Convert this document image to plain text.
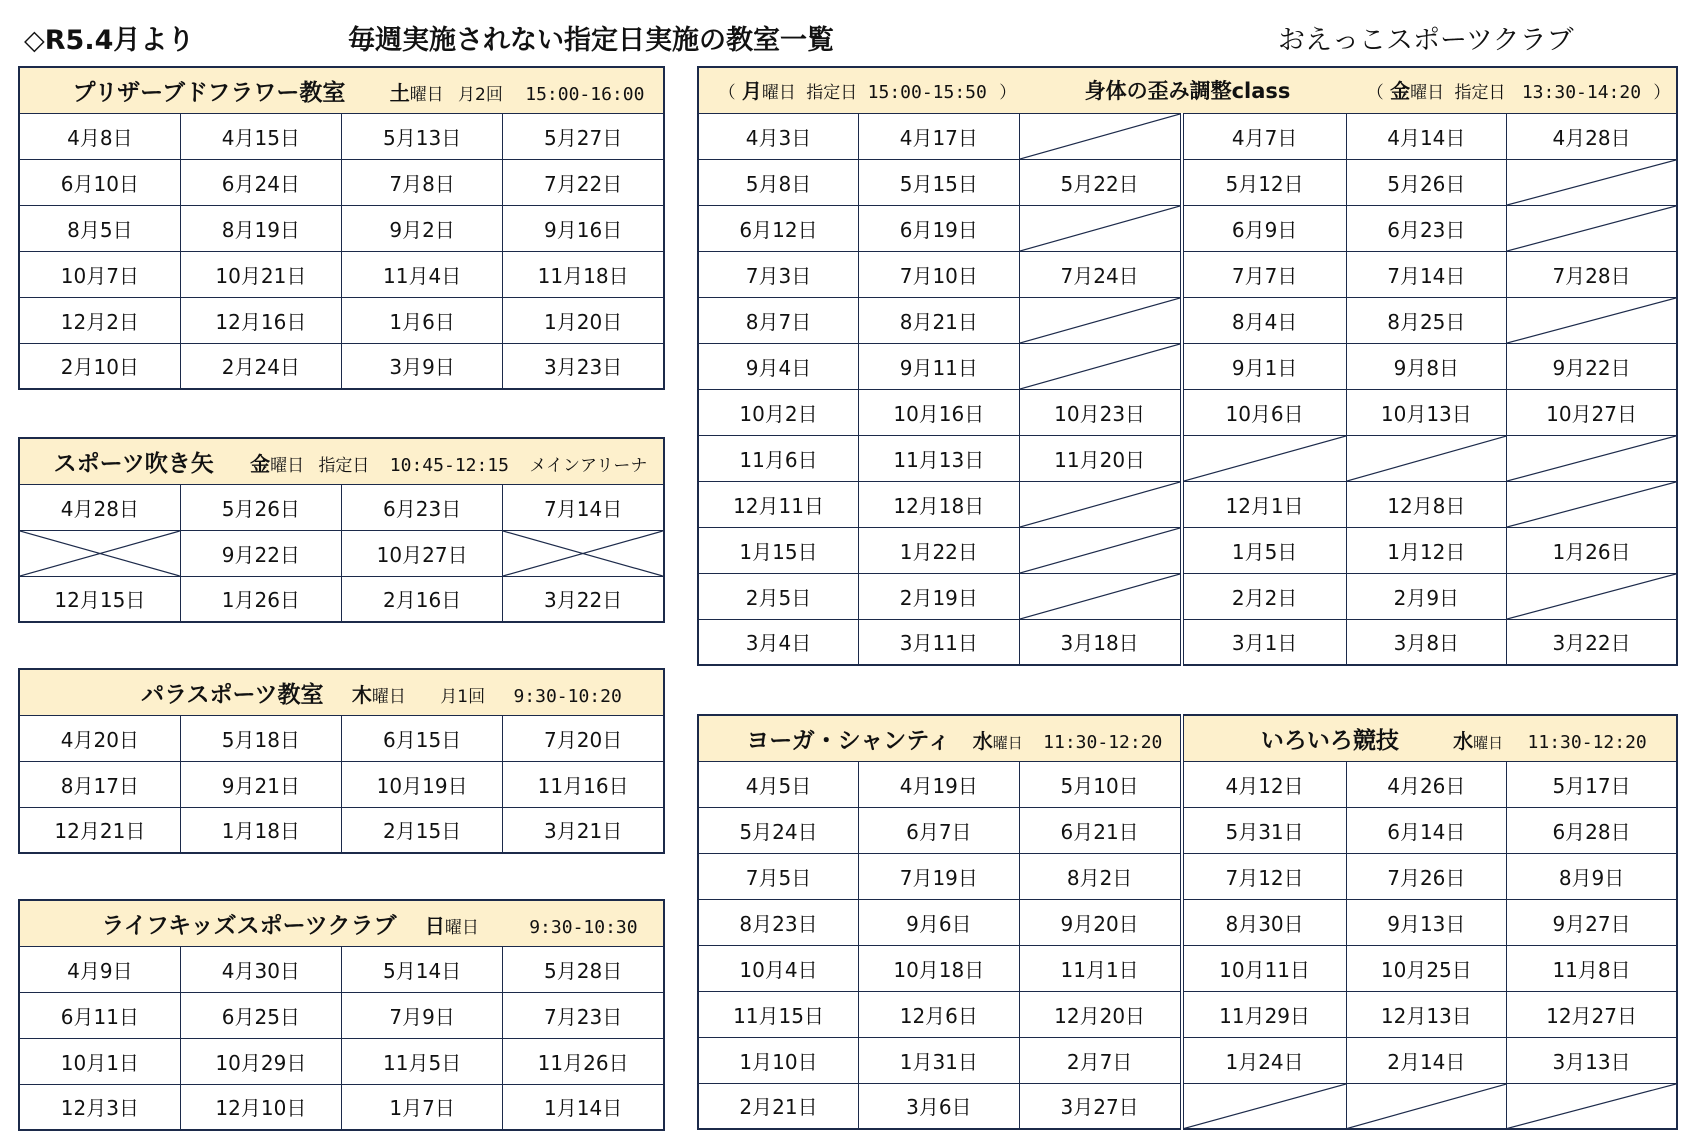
◇R5.4月より	毎週実施されない指定日実施の教室一覧	おえっこスポーツクラブ
プリザーブドフラワー教室 土曜日 月2回 15:00-16:00			
4月8日	4月15日	5月13日	5月27日
6月10日	6月24日	7月8日	7月22日
8月5日	8月19日	9月2日	9月16日
10月7日	10月21日	11月4日	11月18日
12月2日	12月16日	1月6日	1月20日
2月10日	2月24日	3月9日	3月23日
スポーツ吹き矢 金曜日 指定日 10:45-12:15 メインアリーナ			
4月28日	5月26日	6月23日	7月14日

	9月22日	10月27日	

12月15日	1月26日	2月16日	3月22日
パラスポーツ教室 木曜日 月1回 9:30-10:20			
4月20日	5月18日	6月15日	7月20日
8月17日	9月21日	10月19日	11月16日
12月21日	1月18日	2月15日	3月21日
ライフキッズスポーツクラブ 日曜日 9:30-10:30			
4月9日	4月30日	5月14日	5月28日
6月11日	6月25日	7月9日	7月23日
10月1日	10月29日	11月5日	11月26日
12月3日	12月10日	1月7日	1月14日
（ 月曜日 指定日 15:00-15:50 ） 身体の歪み調整class （ 金曜日 指定日 13:30-14:20 ）					
4月3日	4月17日		4月7日	4月14日	4月28日
5月8日	5月15日	5月22日	5月12日	5月26日	

6月12日	6月19日		6月9日	6月23日	

7月3日	7月10日	7月24日	7月7日	7月14日	7月28日
8月7日	8月21日		8月4日	8月25日	

9月4日	9月11日		9月1日	9月8日	9月22日
10月2日	10月16日	10月23日	10月6日	10月13日	10月27日
11月6日	11月13日	11月20日	

12月11日	12月18日		12月1日	12月8日	

1月15日	1月22日		1月5日	1月12日	1月26日
2月5日	2月19日		2月2日	2月9日	

3月4日	3月11日	3月18日	3月1日	3月8日	3月22日
ヨーガ・シャンティ 水曜日 11:30-12:20			いろいろ競技 水曜日 11:30-12:20		
4月5日	4月19日	5月10日	4月12日	4月26日	5月17日
5月24日	6月7日	6月21日	5月31日	6月14日	6月28日
7月5日	7月19日	8月2日	7月12日	7月26日	8月9日
8月23日	9月6日	9月20日	8月30日	9月13日	9月27日
10月4日	10月18日	11月1日	10月11日	10月25日	11月8日
11月15日	12月6日	12月20日	11月29日	12月13日	12月27日
1月10日	1月31日	2月7日	1月24日	2月14日	3月13日
2月21日	3月6日	3月27日	
